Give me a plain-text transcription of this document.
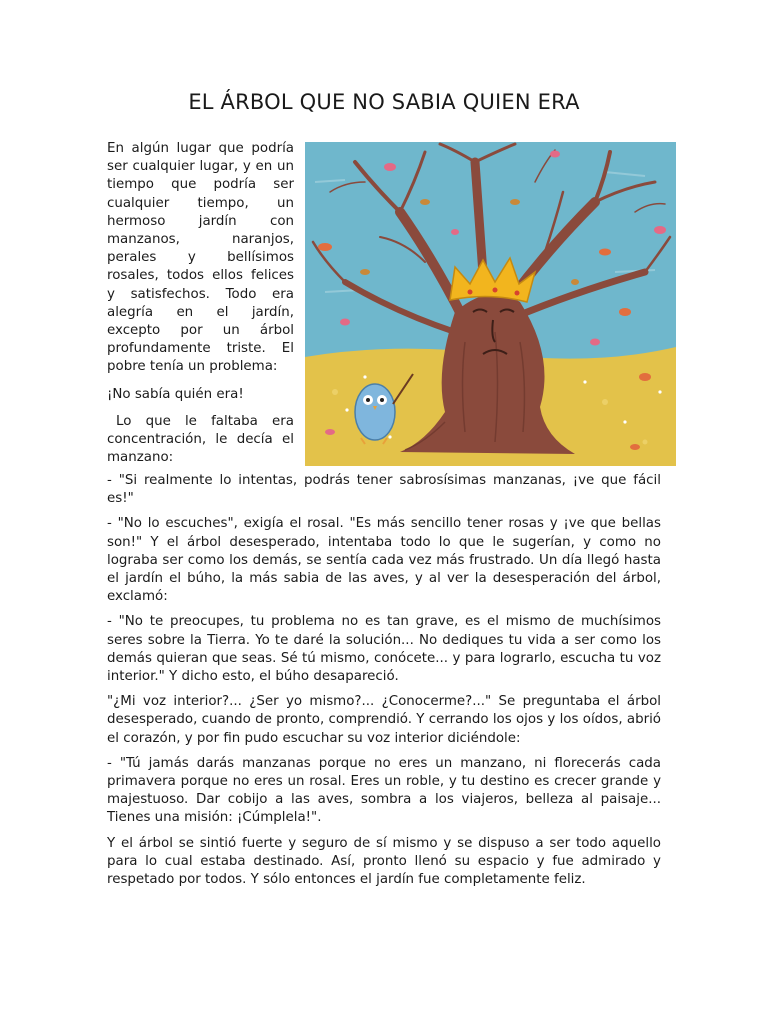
EL ÁRBOL QUE NO SABIA QUIEN ERA

En algún lugar que podría ser cualquier lugar, y en un tiempo que podría ser cualquier tiempo, un hermoso jardín con manzanos, naranjos, perales y bellísimos rosales, todos ellos felices y satisfechos. Todo era alegría en el jardín, excepto por un árbol profundamente triste. El pobre tenía un problema:

¡No sabía quién era!

Lo que le faltaba era concentración, le decía el manzano:

- "Si realmente lo intentas, podrás tener sabrosísimas manzanas, ¡ve que fácil es!"

- "No lo escuches", exigía el rosal. "Es más sencillo tener rosas y ¡ve que bellas son!" Y el árbol desesperado, intentaba todo lo que le sugerían, y como no lograba ser como los demás, se sentía cada vez más frustrado. Un día llegó hasta el jardín el búho, la más sabia de las aves, y al ver la desesperación del árbol, exclamó:

- "No te preocupes, tu problema no es tan grave, es el mismo de muchísimos seres sobre la Tierra. Yo te daré la solución... No dediques tu vida a ser como los demás quieran que seas. Sé tú mismo, conócete... y para lograrlo, escucha tu voz interior." Y dicho esto, el búho desapareció.

"¿Mi voz interior?... ¿Ser yo mismo?... ¿Conocerme?..." Se preguntaba el árbol desesperado, cuando de pronto, comprendió. Y cerrando los ojos y los oídos, abrió el corazón, y por fin pudo escuchar su voz interior diciéndole:

- "Tú jamás darás manzanas porque no eres un manzano, ni florecerás cada primavera porque no eres un rosal. Eres un roble, y tu destino es crecer grande y majestuoso. Dar cobijo a las aves, sombra a los viajeros, belleza al paisaje... Tienes una misión: ¡Cúmplela!".

Y el árbol se sintió fuerte y seguro de sí mismo y se dispuso a ser todo aquello para lo cual estaba destinado. Así, pronto llenó su espacio y fue admirado y respetado por todos. Y sólo entonces el jardín fue completamente feliz.
